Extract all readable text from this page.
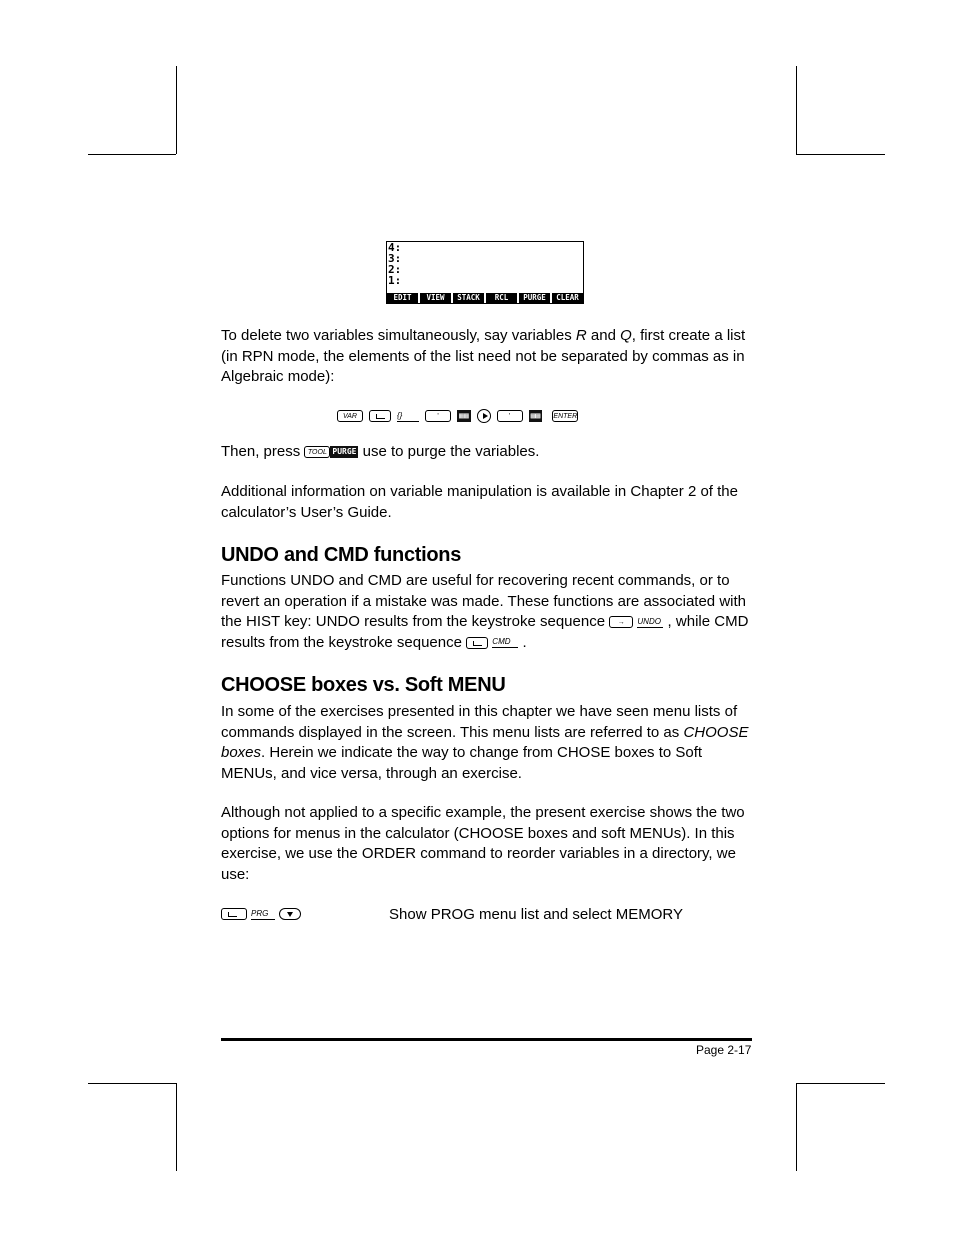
4:
3:
2:
1:
EDIT	VIEW	STACK	RCL	PURGE	CLEAR

To delete two variables simultaneously, say variables R and Q, first create a list (in RPN mode, the elements of the list need not be separated by commas as in Algebraic mode):

VAR	{}	'	▦▦	'	▦▦ ENTER

Then, press TOOL PURGE use to purge the variables.

Additional information on variable manipulation is available in Chapter 2 of the calculator’s User’s Guide.

UNDO and CMD functions

Functions UNDO and CMD are useful for recovering recent commands, or to revert an operation if a mistake was made. These functions are associated with the HIST key: UNDO results from the keystroke sequence → UNDO , while CMD results from the keystroke sequence	CMD .

CHOOSE boxes vs. Soft MENU

In some of the exercises presented in this chapter we have seen menu lists of commands displayed in the screen. This menu lists are referred to as CHOOSE boxes. Herein we indicate the way to change from CHOSE boxes to Soft MENUs, and vice versa, through an exercise.

Although not applied to a specific example, the present exercise shows the two options for menus in the calculator (CHOOSE boxes and soft MENUs). In this exercise, we use the ORDER command to reorder variables in a directory, we use:

PRG	Show PROG menu list and select MEMORY
Page 2-17
